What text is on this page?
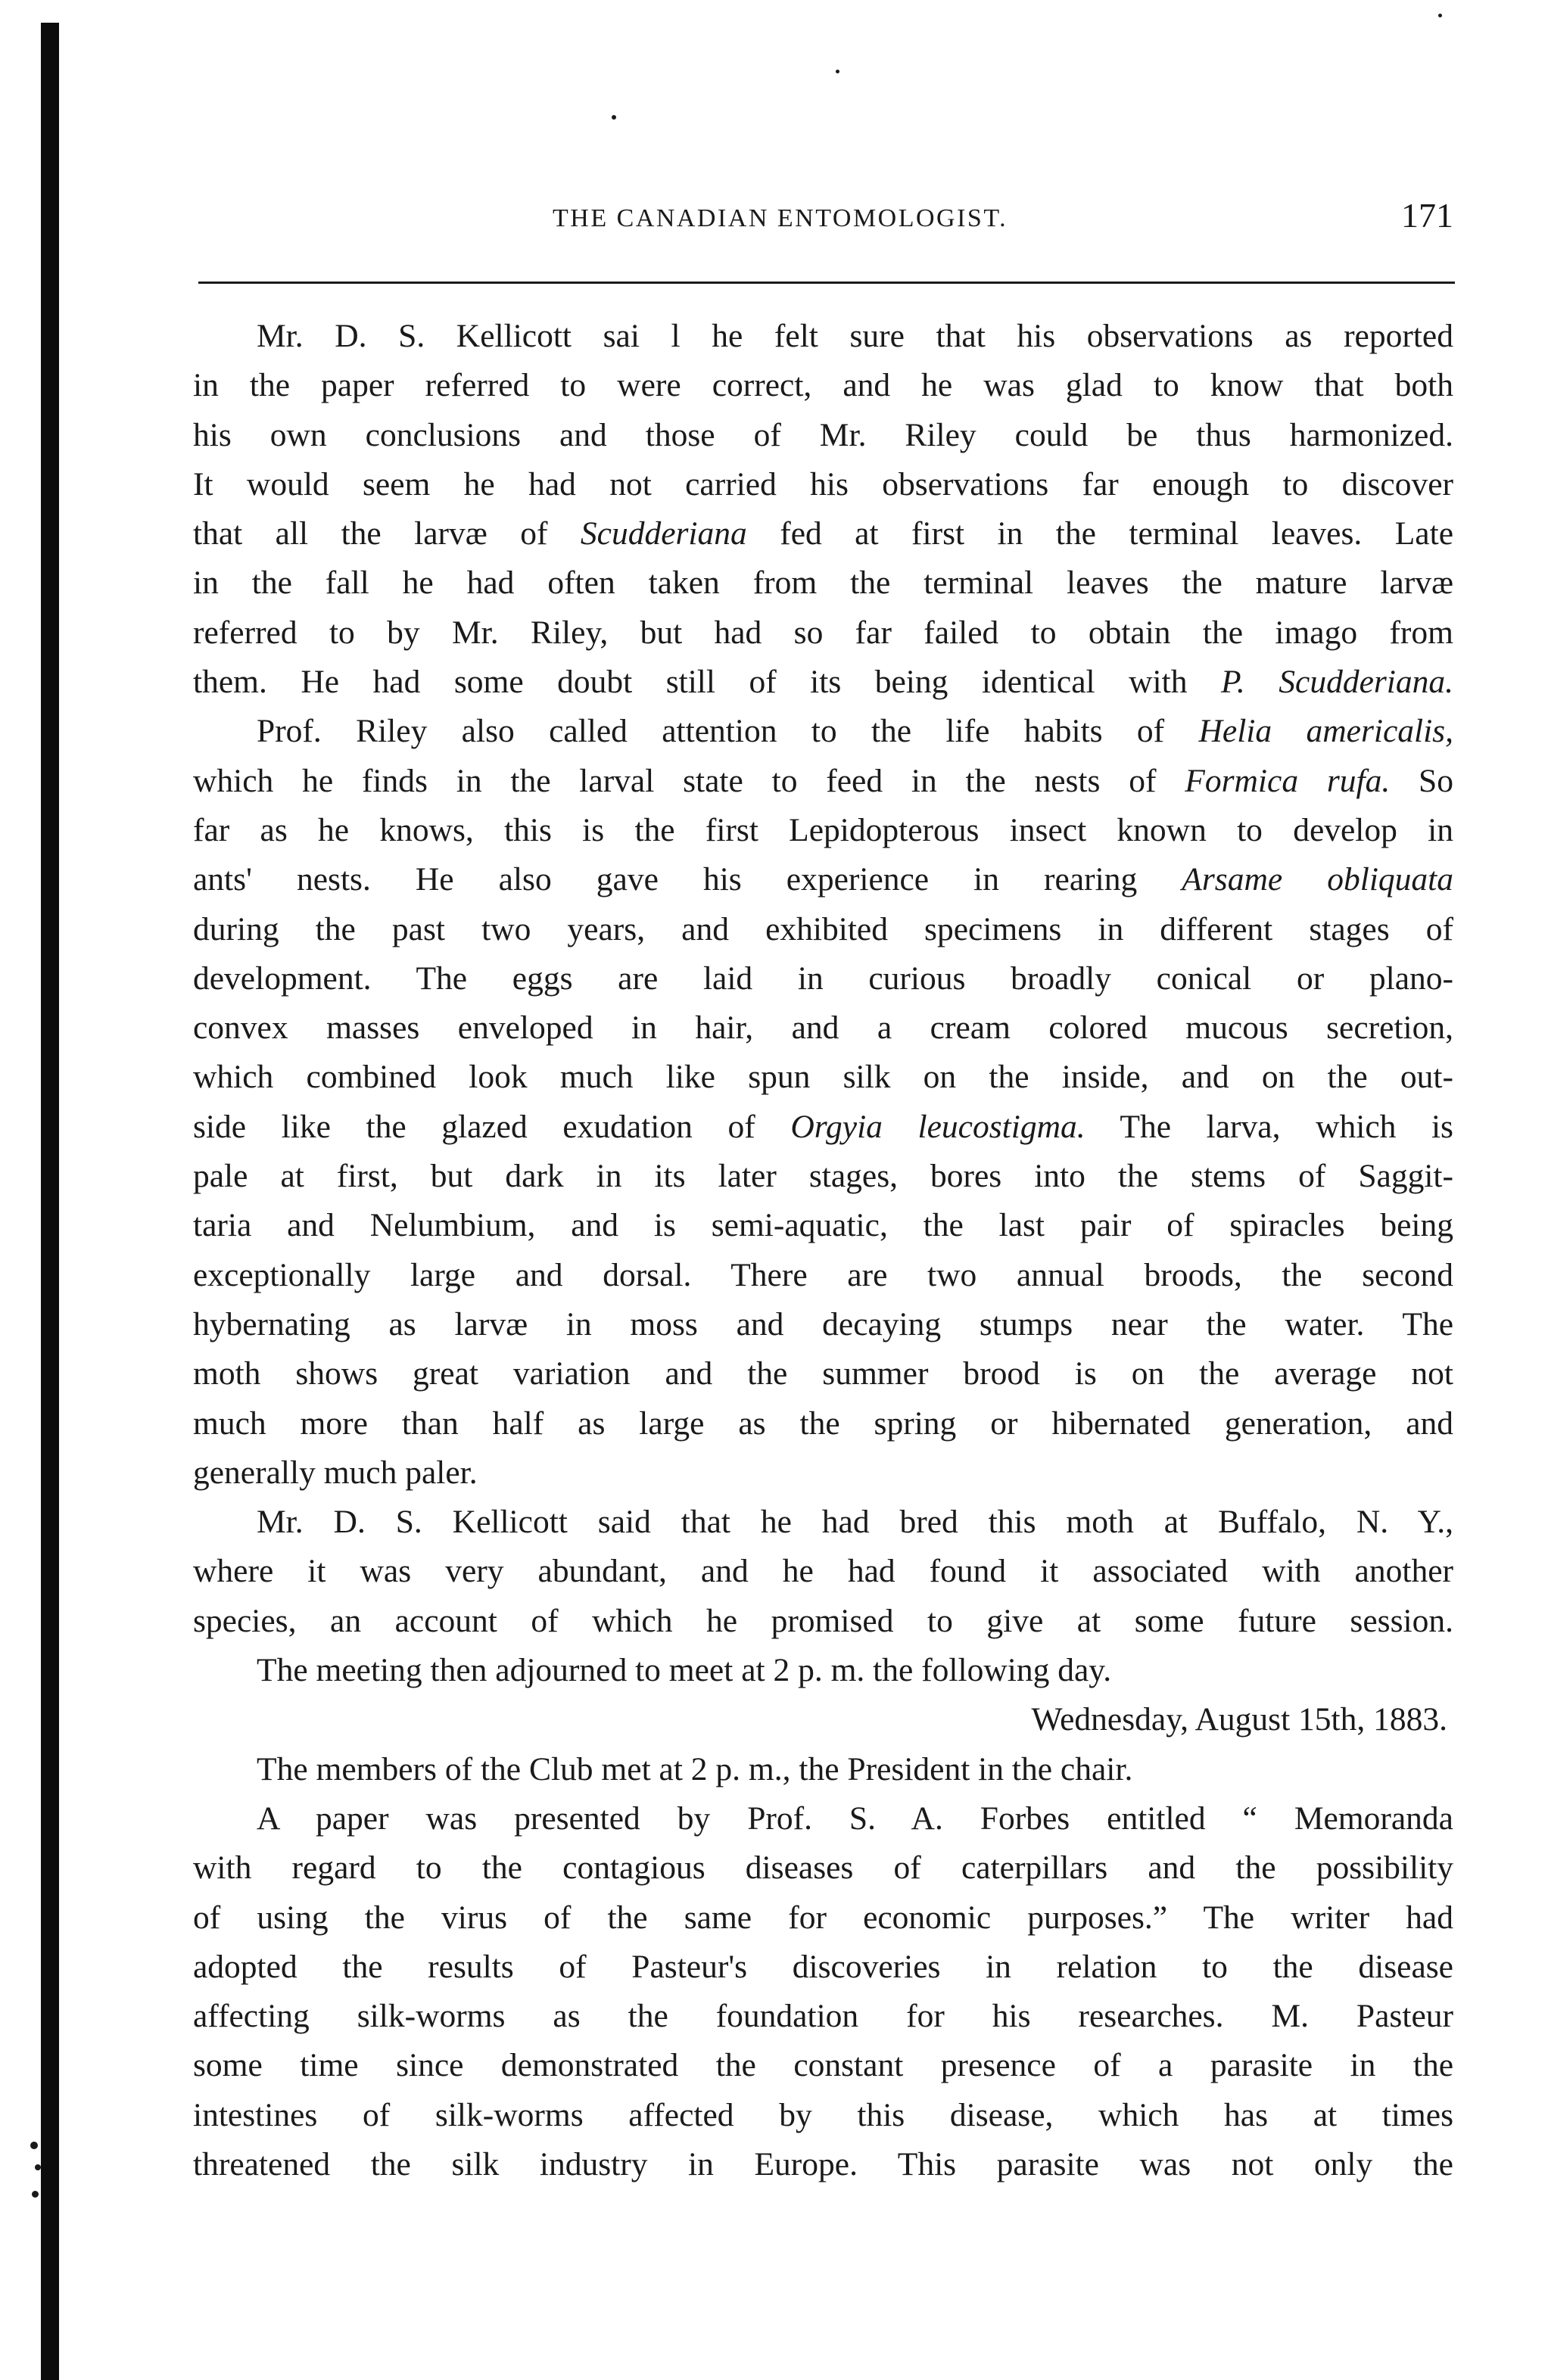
THE CANADIAN ENTOMOLOGIST.	171
Mr. D. S. Kellicott sai l he felt sure that his observations as reported
in the paper referred to were correct, and he was glad to know that both
his own conclusions and those of Mr. Riley could be thus harmonized.
It would seem he had not carried his observations far enough to discover
that all the larvæ of Scudderiana fed at first in the terminal leaves. Late
in the fall he had often taken from the terminal leaves the mature larvæ
referred to by Mr. Riley, but had so far failed to obtain the imago from
them. He had some doubt still of its being identical with P. Scudderiana.
Prof. Riley also called attention to the life habits of Helia americalis,
which he finds in the larval state to feed in the nests of Formica rufa. So
far as he knows, this is the first Lepidopterous insect known to develop in
ants' nests. He also gave his experience in rearing Arsame obliquata
during the past two years, and exhibited specimens in different stages of
development. The eggs are laid in curious broadly conical or plano-
convex masses enveloped in hair, and a cream colored mucous secretion,
which combined look much like spun silk on the inside, and on the out-
side like the glazed exudation of Orgyia leucostigma. The larva, which is
pale at first, but dark in its later stages, bores into the stems of Saggit-
taria and Nelumbium, and is semi-aquatic, the last pair of spiracles being
exceptionally large and dorsal. There are two annual broods, the second
hybernating as larvæ in moss and decaying stumps near the water. The
moth shows great variation and the summer brood is on the average not
much more than half as large as the spring or hibernated generation, and
generally much paler.
Mr. D. S. Kellicott said that he had bred this moth at Buffalo, N. Y.,
where it was very abundant, and he had found it associated with another
species, an account of which he promised to give at some future session.
The meeting then adjourned to meet at 2 p. m. the following day.
Wednesday, August 15th, 1883.
The members of the Club met at 2 p. m., the President in the chair.
A paper was presented by Prof. S. A. Forbes entitled “ Memoranda
with regard to the contagious diseases of caterpillars and the possibility
of using the virus of the same for economic purposes.” The writer had
adopted the results of Pasteur's discoveries in relation to the disease
affecting silk-worms as the foundation for his researches. M. Pasteur
some time since demonstrated the constant presence of a parasite in the
intestines of silk-worms affected by this disease, which has at times
threatened the silk industry in Europe. This parasite was not only the
